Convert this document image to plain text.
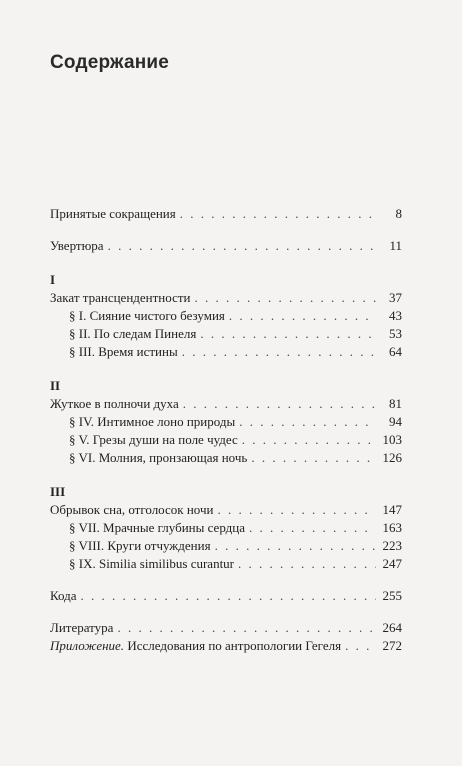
Содержание
Принятые сокращения . . .	8
Увертюра . . .	11
I
Закат трансцендентности . . .	37
§ I. Сияние чистого безумия . . .	43
§ II. По следам Пинеля . . .	53
§ III. Время истины . . .	64
II
Жуткое в полночи духа . . .	81
§ IV. Интимное лоно природы . . .	94
§ V. Грезы души на поле чудес . . .	103
§ VI. Молния, пронзающая ночь . . .	126
III
Обрывок сна, отголосок ночи . . .	147
§ VII. Мрачные глубины сердца . . .	163
§ VIII. Круги отчуждения . . .	223
§ IX. Similia similibus curantur . . .	247
Кода . . .	255
Литература . . .	264
Приложение. Исследования по антропологии Гегеля . . .	272
